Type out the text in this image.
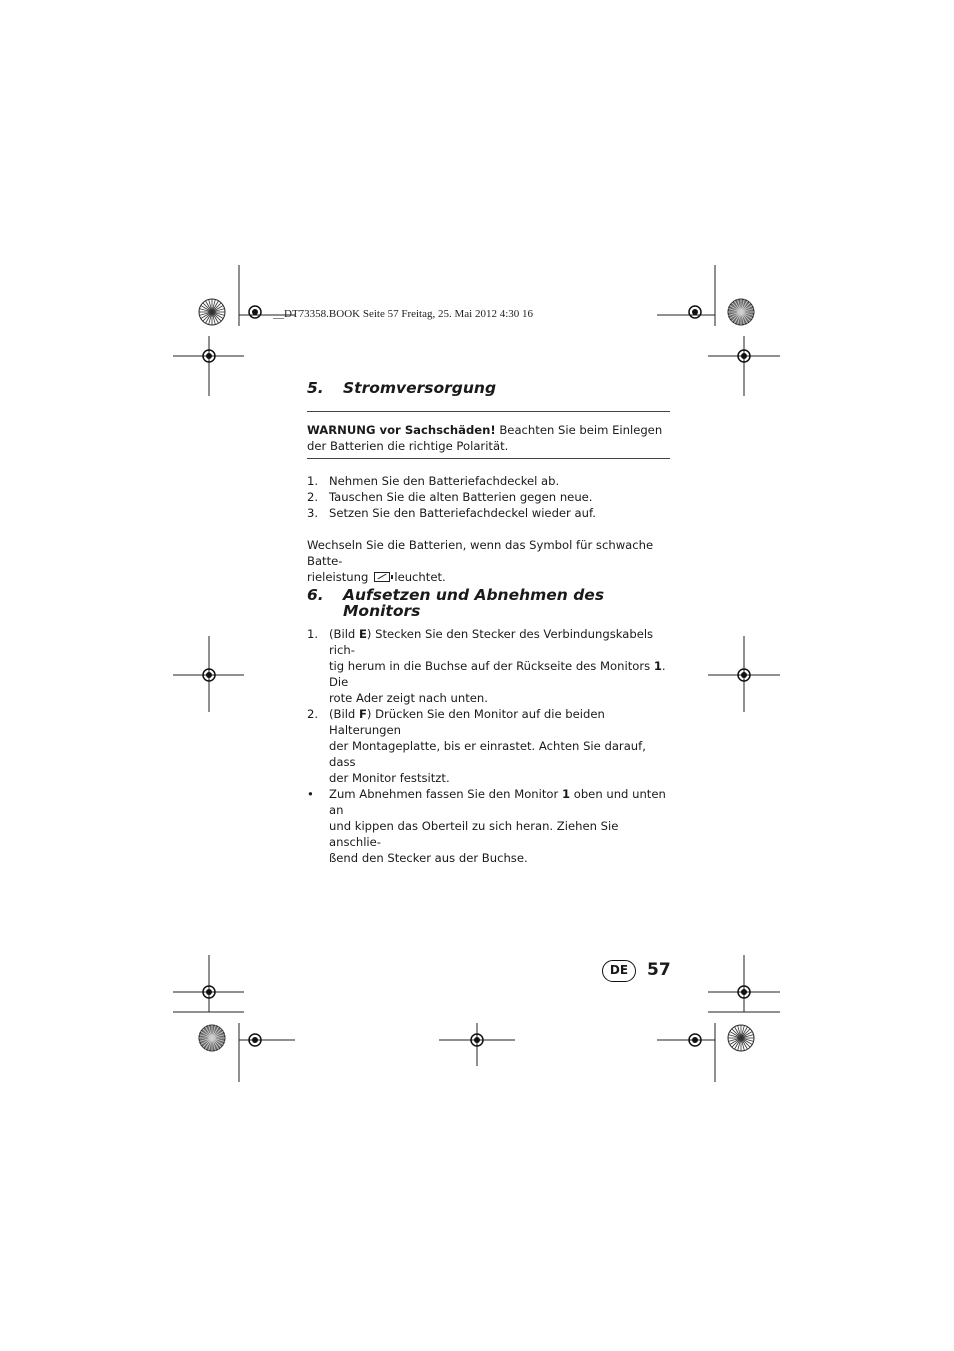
__DT73358.BOOK Seite 57 Freitag, 25. Mai 2012 4:30 16
5. Stromversorgung
WARNUNG vor Sachschäden! Beachten Sie beim Einlegen
der Batterien die richtige Polarität.
1. Nehmen Sie den Batteriefachdeckel ab.
2. Tauschen Sie die alten Batterien gegen neue.
3. Setzen Sie den Batteriefachdeckel wieder auf.
Wechseln Sie die Batterien, wenn das Symbol für schwache Batte-
rieleistung leuchtet.
6. Aufsetzen und Abnehmen des
Monitors
1. (Bild E) Stecken Sie den Stecker des Verbindungskabels rich-
tig herum in die Buchse auf der Rückseite des Monitors 1. Die
rote Ader zeigt nach unten.
2. (Bild F) Drücken Sie den Monitor auf die beiden Halterungen
der Montageplatte, bis er einrastet. Achten Sie darauf, dass
der Monitor festsitzt.
• Zum Abnehmen fassen Sie den Monitor 1 oben und unten an
und kippen das Oberteil zu sich heran. Ziehen Sie anschlie-
ßend den Stecker aus der Buchse.
DE	57
